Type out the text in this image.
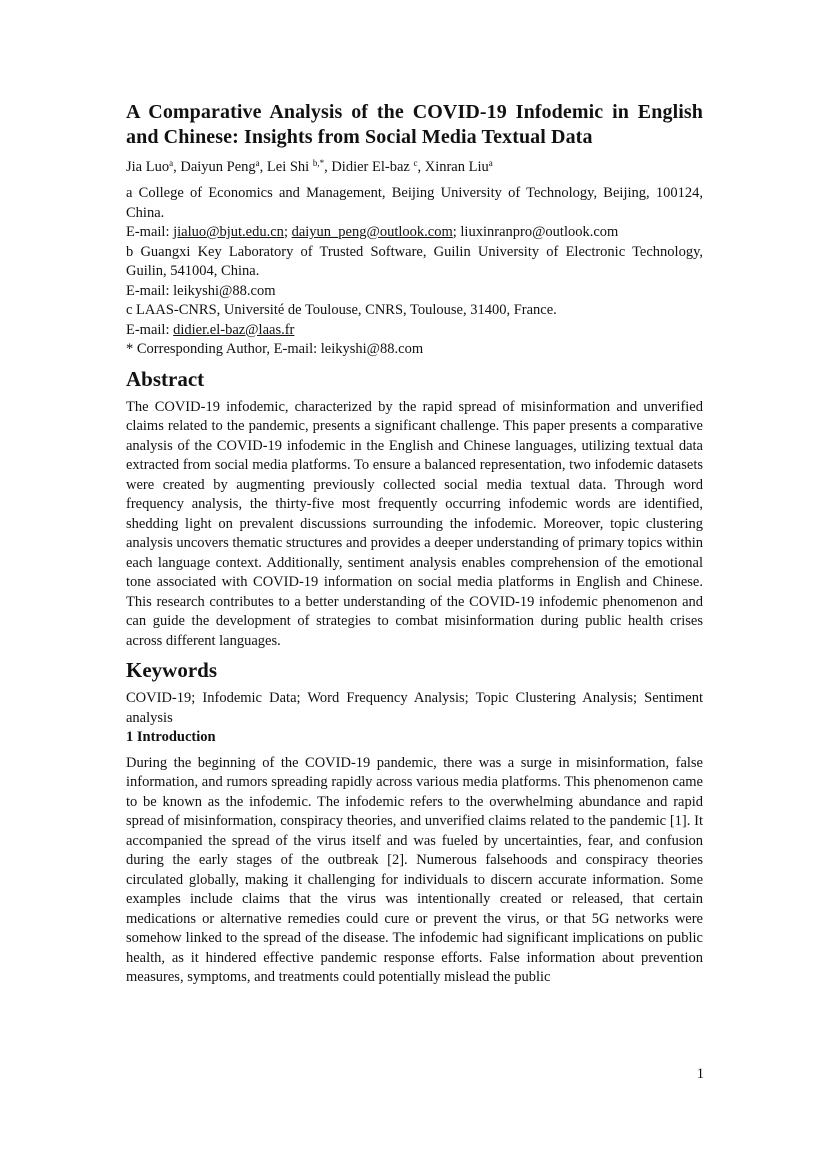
A Comparative Analysis of the COVID-19 Infodemic in English and Chinese: Insights from Social Media Textual Data
Jia Luo$^a$, Daiyun Peng$^a$, Lei Shi $^{b,*}$, Didier El-baz $^c$, Xinran Liu$^a$
a College of Economics and Management, Beijing University of Technology, Beijing, 100124, China.
E-mail: jialuo@bjut.edu.cn; daiyun_peng@outlook.com; liuxinranpro@outlook.com
b Guangxi Key Laboratory of Trusted Software, Guilin University of Electronic Technology, Guilin, 541004, China.
E-mail: leikyshi@88.com
c LAAS-CNRS, Université de Toulouse, CNRS, Toulouse, 31400, France.
E-mail: didier.el-baz@laas.fr
* Corresponding Author, E-mail: leikyshi@88.com
Abstract

The COVID-19 infodemic, characterized by the rapid spread of misinformation and unverified claims related to the pandemic, presents a significant challenge. This paper presents a comparative analysis of the COVID-19 infodemic in the English and Chinese languages, utilizing textual data extracted from social media platforms. To ensure a balanced representation, two infodemic datasets were created by augmenting previously collected social media textual data. Through word frequency analysis, the thirty-five most frequently occurring infodemic words are identified, shedding light on prevalent discussions surrounding the infodemic. Moreover, topic clustering analysis uncovers thematic structures and provides a deeper understanding of primary topics within each language context. Additionally, sentiment analysis enables comprehension of the emotional tone associated with COVID-19 information on social media platforms in English and Chinese. This research contributes to a better understanding of the COVID-19 infodemic phenomenon and can guide the development of strategies to combat misinformation during public health crises across different languages.

Keywords

COVID-19; Infodemic Data; Word Frequency Analysis; Topic Clustering Analysis; Sentiment analysis

1 Introduction

During the beginning of the COVID-19 pandemic, there was a surge in misinformation, false information, and rumors spreading rapidly across various media platforms. This phenomenon came to be known as the infodemic. The infodemic refers to the overwhelming abundance and rapid spread of misinformation, conspiracy theories, and unverified claims related to the pandemic [1]. It accompanied the spread of the virus itself and was fueled by uncertainties, fear, and confusion during the early stages of the outbreak [2]. Numerous falsehoods and conspiracy theories circulated globally, making it challenging for individuals to discern accurate information. Some examples include claims that the virus was intentionally created or released, that certain medications or alternative remedies could cure or prevent the virus, or that 5G networks were somehow linked to the spread of the disease. The infodemic had significant implications on public health, as it hindered effective pandemic response efforts. False information about prevention measures, symptoms, and treatments could potentially mislead the public

1
